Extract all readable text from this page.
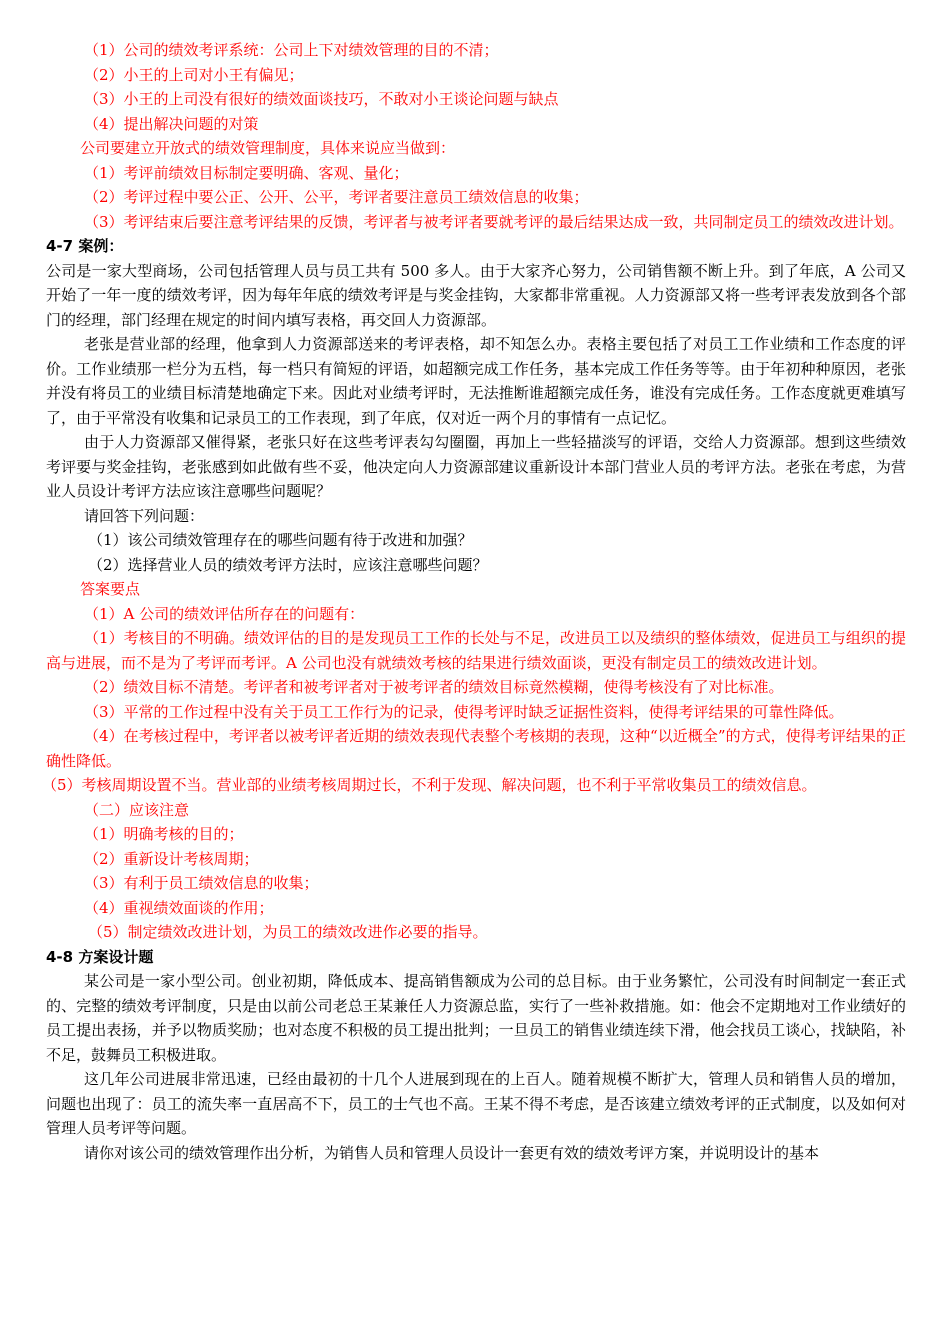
（1）公司的绩效考评系统：公司上下对绩效管理的目的不清；

（2）小王的上司对小王有偏见；

（3）小王的上司没有很好的绩效面谈技巧，不敢对小王谈论问题与缺点

（4）提出解决问题的对策

公司要建立开放式的绩效管理制度，具体来说应当做到：

（1）考评前绩效目标制定要明确、客观、量化；

（2）考评过程中要公正、公开、公平，考评者要注意员工绩效信息的收集；

（3）考评结束后要注意考评结果的反馈，考评者与被考评者要就考评的最后结果达成一致，共同制定员工的绩效改进计划。

4-7 案例：

公司是一家大型商场，公司包括管理人员与员工共有 500 多人。由于大家齐心努力，公司销售额不断上升。到了年底，A 公司又开始了一年一度的绩效考评，因为每年年底的绩效考评是与奖金挂钩，大家都非常重视。人力资源部又将一些考评表发放到各个部门的经理，部门经理在规定的时间内填写表格，再交回人力资源部。

老张是营业部的经理，他拿到人力资源部送来的考评表格，却不知怎么办。表格主要包括了对员工工作业绩和工作态度的评价。工作业绩那一栏分为五档，每一档只有简短的评语，如超额完成工作任务，基本完成工作任务等等。由于年初种种原因，老张并没有将员工的业绩目标清楚地确定下来。因此对业绩考评时，无法推断谁超额完成任务，谁没有完成任务。工作态度就更难填写了，由于平常没有收集和记录员工的工作表现，到了年底，仅对近一两个月的事情有一点记忆。

由于人力资源部又催得紧，老张只好在这些考评表勾勾圈圈，再加上一些轻描淡写的评语，交给人力资源部。想到这些绩效考评要与奖金挂钩，老张感到如此做有些不妥，他决定向人力资源部建议重新设计本部门营业人员的考评方法。老张在考虑，为营业人员设计考评方法应该注意哪些问题呢？

请回答下列问题：

（1）该公司绩效管理存在的哪些问题有待于改进和加强？

（2）选择营业人员的绩效考评方法时，应该注意哪些问题？

答案要点

（1）A 公司的绩效评估所存在的问题有：

（1）考核目的不明确。绩效评估的目的是发现员工工作的长处与不足，改进员工以及绩织的整体绩效，促进员工与组织的提高与进展，而不是为了考评而考评。A 公司也没有就绩效考核的结果进行绩效面谈，更没有制定员工的绩效改进计划。

（2）绩效目标不清楚。考评者和被考评者对于被考评者的绩效目标竟然模糊，使得考核没有了对比标准。

（3）平常的工作过程中没有关于员工工作行为的记录，使得考评时缺乏证据性资料，使得考评结果的可靠性降低。

（4）在考核过程中，考评者以被考评者近期的绩效表现代表整个考核期的表现，这种“以近概全”的方式，使得考评结果的正确性降低。

（5）考核周期设置不当。营业部的业绩考核周期过长，不利于发现、解决问题，也不利于平常收集员工的绩效信息。

（二）应该注意

（1）明确考核的目的；

（2）重新设计考核周期；

（3）有利于员工绩效信息的收集；

（4）重视绩效面谈的作用；

（5）制定绩效改进计划，为员工的绩效改进作必要的指导。

4-8 方案设计题

某公司是一家小型公司。创业初期，降低成本、提高销售额成为公司的总目标。由于业务繁忙，公司没有时间制定一套正式的、完整的绩效考评制度，只是由以前公司老总王某兼任人力资源总监，实行了一些补救措施。如：他会不定期地对工作业绩好的员工提出表扬，并予以物质奖励；也对态度不积极的员工提出批判；一旦员工的销售业绩连续下滑，他会找员工谈心，找缺陷，补不足，鼓舞员工积极进取。

这几年公司进展非常迅速，已经由最初的十几个人进展到现在的上百人。随着规模不断扩大，管理人员和销售人员的增加，问题也出现了：员工的流失率一直居高不下，员工的士气也不高。王某不得不考虑，是否该建立绩效考评的正式制度，以及如何对管理人员考评等问题。

请你对该公司的绩效管理作出分析，为销售人员和管理人员设计一套更有效的绩效考评方案，并说明设计的基本
